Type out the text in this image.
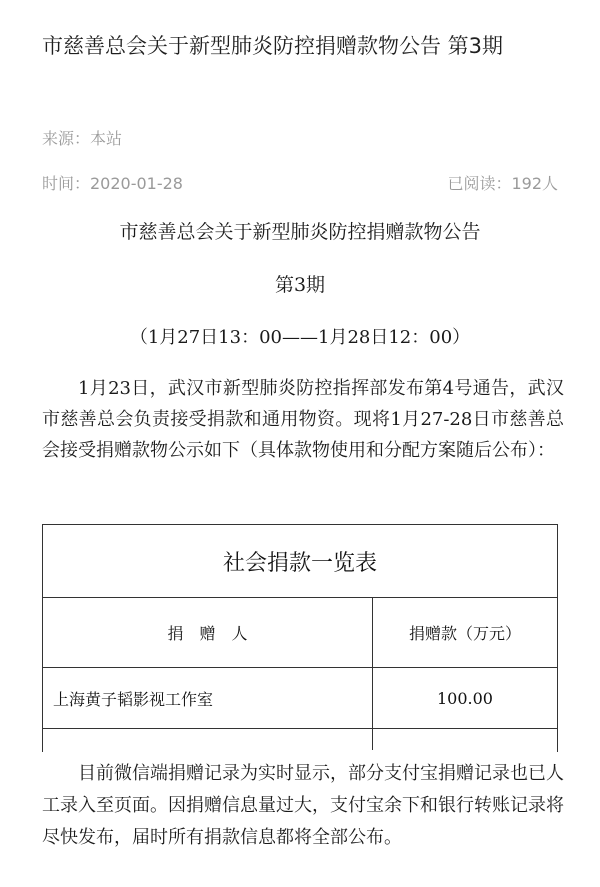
市慈善总会关于新型肺炎防控捐赠款物公告 第3期
来源：本站
时间：2020-01-28	已阅读：192人
市慈善总会关于新型肺炎防控捐赠款物公告
第3期
（1月27日13：00——1月28日12：00）
1月23日，武汉市新型肺炎防控指挥部发布第4号通告，武汉市慈善总会负责接受捐款和通用物资。现将1月27-28日市慈善总会接受捐赠款物公示如下（具体款物使用和分配方案随后公布）：
社会捐款一览表
捐　赠　人	捐赠款（万元）
上海黄子韬影视工作室	100.00
目前微信端捐赠记录为实时显示，部分支付宝捐赠记录也已人工录入至页面。因捐赠信息量过大，支付宝余下和银行转账记录将尽快发布，届时所有捐款信息都将全部公布。
